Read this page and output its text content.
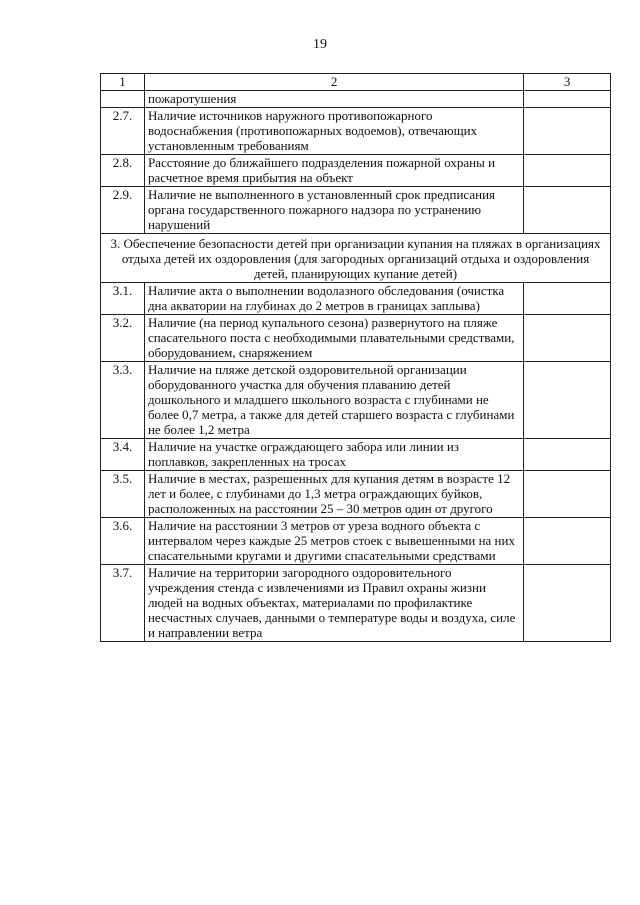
19
1	2	3
	пожаротушения	
2.7.	Наличие источников наружного противопожарного водоснабжения (противопожарных водоемов), отвечающих установленным требованиям	
2.8.	Расстояние до ближайшего подразделения пожарной охраны и расчетное время прибытия на объект	
2.9.	Наличие не выполненного в установленный срок предписания органа государственного пожарного надзора по устранению нарушений	
3. Обеспечение безопасности детей при организации купания на пляжах в организациях отдыха детей их оздоровления (для загородных организаций отдыха и оздоровления детей, планирующих купание детей)		
3.1.	Наличие акта о выполнении водолазного обследования (очистка дна акватории на глубинах до 2 метров в границах заплыва)	
3.2.	Наличие (на период купального сезона) развернутого на пляже спасательного поста с необходимыми плавательными средствами, оборудованием, снаряжением	
3.3.	Наличие на пляже детской оздоровительной организации оборудованного участка для обучения плаванию детей дошкольного и младшего школьного возраста с глубинами не более 0,7 метра, а также для детей старшего возраста с глубинами не более 1,2 метра	
3.4.	Наличие на участке ограждающего забора или линии из поплавков, закрепленных на тросах	
3.5.	Наличие в местах, разрешенных для купания детям в возрасте 12 лет и более, с глубинами до 1,3 метра ограждающих буйков, расположенных на расстоянии 25 – 30 метров один от другого	
3.6.	Наличие на расстоянии 3 метров от уреза водного объекта с интервалом через каждые 25 метров стоек с вывешенными на них спасательными кругами и другими спасательными средствами	
3.7.	Наличие на территории загородного оздоровительного учреждения стенда с извлечениями из Правил охраны жизни людей на водных объектах, материалами по профилактике несчастных случаев, данными о температуре воды и воздуха, силе и направлении ветра	
